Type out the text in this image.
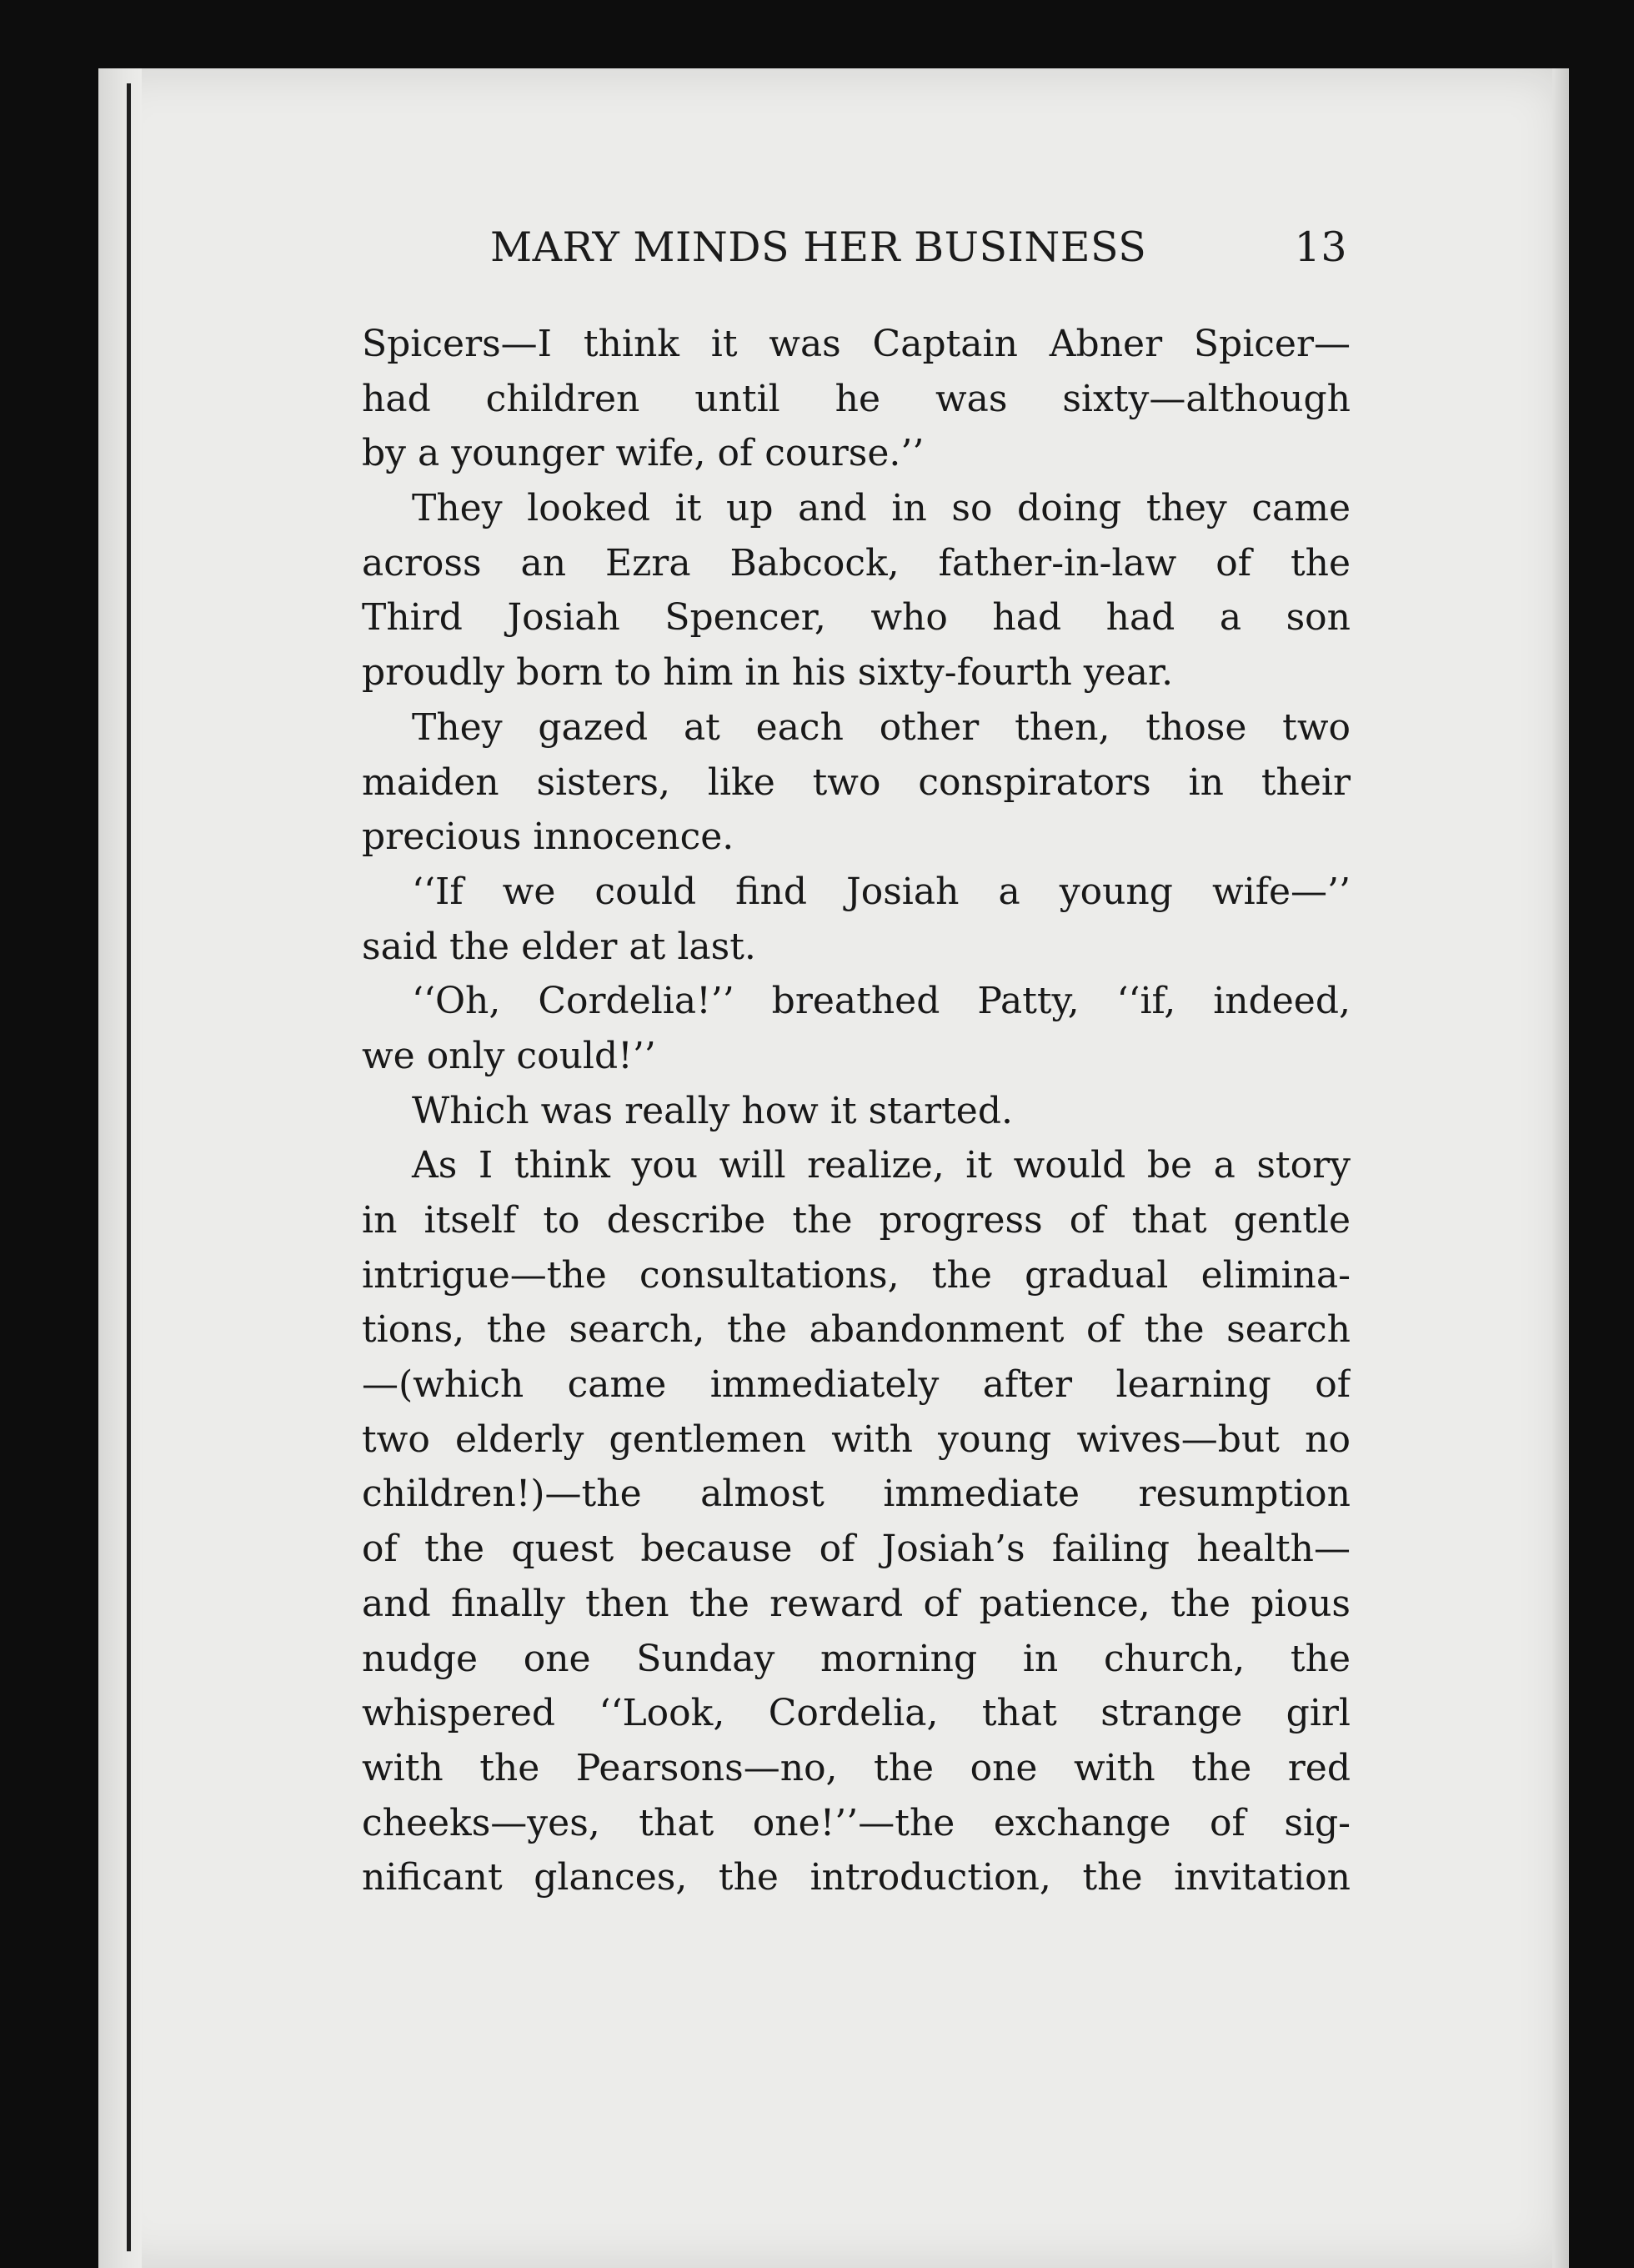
MARY MINDS HER BUSINESS	13
Spicers—I think it was Captain Abner Spicer—
had children until he was sixty—although
by a younger wife, of course.’’
They looked it up and in so doing they came
across an Ezra Babcock, father-in-law of the
Third Josiah Spencer, who had had a son
proudly born to him in his sixty-fourth year.
They gazed at each other then, those two
maiden sisters, like two conspirators in their
precious innocence.
‘‘If we could find Josiah a young wife—’’
said the elder at last.
‘‘Oh, Cordelia!’’ breathed Patty, ‘‘if, indeed,
we only could!’’
Which was really how it started.
As I think you will realize, it would be a story
in itself to describe the progress of that gentle
intrigue—the consultations, the gradual elimina-
tions, the search, the abandonment of the search
—(which came immediately after learning of
two elderly gentlemen with young wives—but no
children!)—the almost immediate resumption
of the quest because of Josiah’s failing health—
and finally then the reward of patience, the pious
nudge one Sunday morning in church, the
whispered ‘‘Look, Cordelia, that strange girl
with the Pearsons—no, the one with the red
cheeks—yes, that one!’’—the exchange of sig-
nificant glances, the introduction, the invitation
